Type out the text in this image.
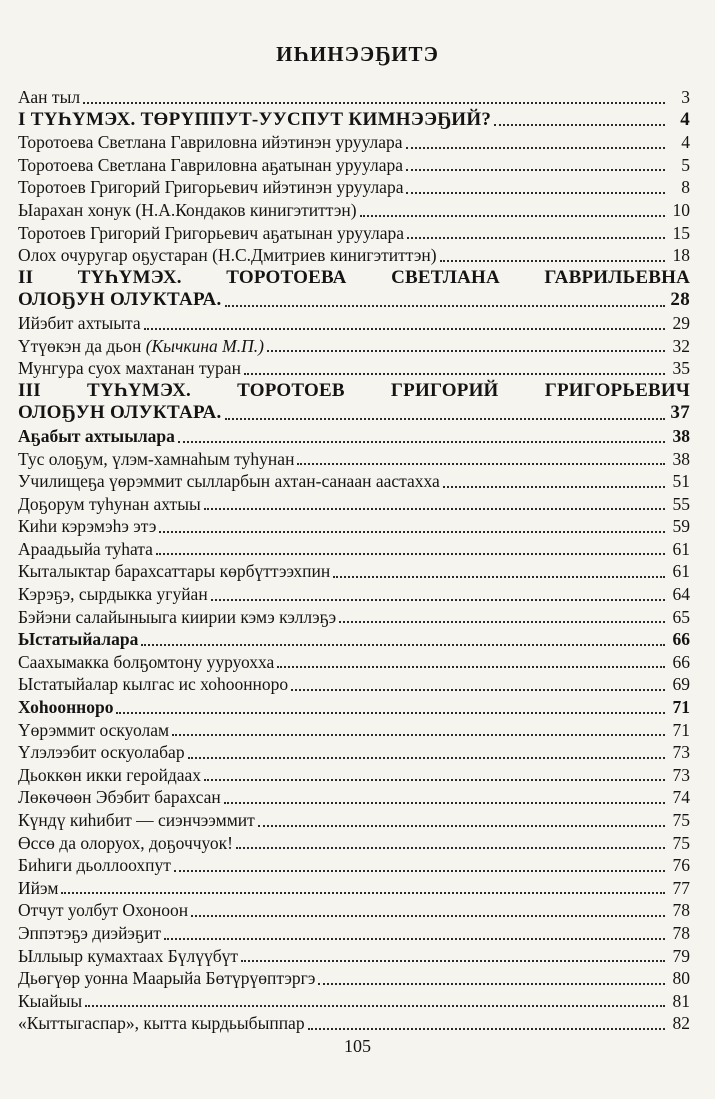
ИҺИНЭЭҔИТЭ
Аан тыл	3
I ТҮҺҮМЭХ. ТӨРҮППУТ-УУСПУТ КИМНЭЭҔИЙ?	4
Торотоева Светлана Гавриловна ийэтинэн уруулара	4
Торотоева Светлана Гавриловна аҕатынан уруулара	5
Торотоев Григорий Григорьевич ийэтинэн уруулара	8
Ыарахан хонук (Н.А.Кондаков кинигэтиттэн)	10
Торотоев Григорий Григорьевич аҕатынан уруулара	15
Олох очуругар оҕустаран (Н.С.Дмитриев кинигэтиттэн)	18
II ТҮҺҮМЭХ. ТОРОТОЕВА СВЕТЛАНА ГАВРИЛЬЕВНА
ОЛОҔУН ОЛУКТАРА.	28
Ийэбит ахтыыта	29
Үтүөкэн да дьон
(Кычкина М.П.)	32
Мунгура суох махтанан туран	35
III ТҮҺҮМЭХ. ТОРОТОЕВ ГРИГОРИЙ ГРИГОРЬЕВИЧ
ОЛОҔУН ОЛУКТАРА.	37
Аҕабыт ахтыылара	38
Тус олоҕум, үлэм-хамнаһым туһунан	38
Училищеҕа үөрэммит сылларбын ахтан-санаан аастахха	51
Доҕорум туһунан ахтыы	55
Киһи кэрэмэһэ этэ	59
Араадьыйа туһата	61
Кыталыктар барахсаттары көрбүттээхпин	61
Кэрэҕэ, сырдыкка угуйан	64
Бэйэни салайыныыга киирии кэмэ кэллэҕэ	65
Ыстатыйалара	66
Саахымакка болҕомтону ууруохха	66
Ыстатыйалар кылгас ис хоһоонноро	69
Хоһоонноро	71
Үөрэммит оскуолам	71
Үлэлээбит оскуолабар	73
Дьоккөн икки геройдаах	73
Лөкөчөөн Эбэбит барахсан	74
Күндү киһибит — сиэнчээммит	75
Өссө да олоруох, доҕоччуок!	75
Биһиги дьоллоохпут	76
Ийэм	77
Отчут уолбут Охоноон	78
Эппэтэҕэ диэйэҕит	78
Ыллыыр кумахтаах Бүлүүбүт	79
Дьөгүөр уонна Маарыйа Бөтүрүөптэргэ	80
Кыайыы	81
«Кыттыгаспар», кытта кырдьыбыппар	82
105
